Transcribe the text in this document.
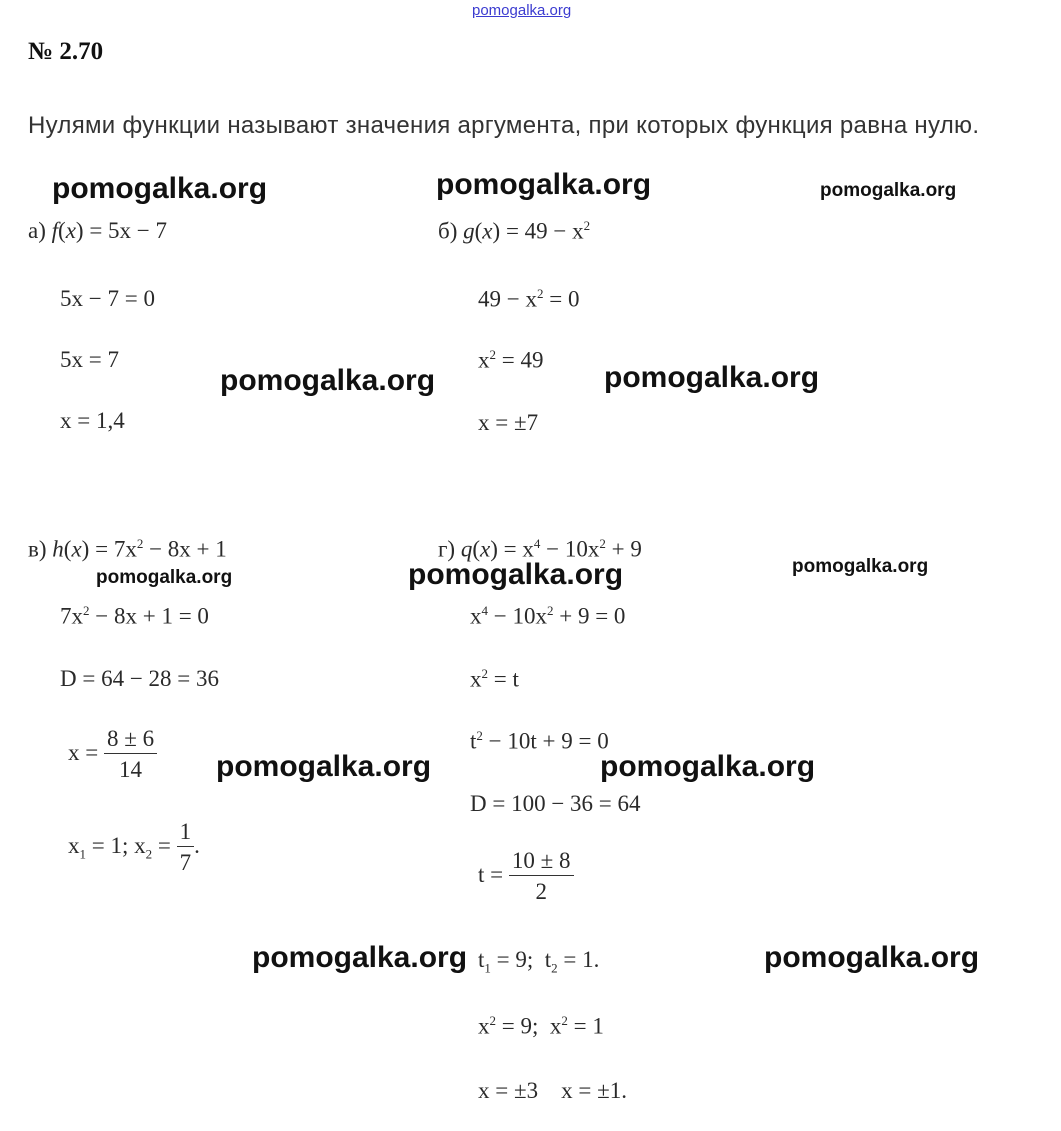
pomogalka.org
№ 2.70
Нулями функции называют значения аргумента, при которых функция равна нулю.
а) f(x) = 5x − 7
5x − 7 = 0
5x = 7
x = 1,4
б) $g(x) = 49 - x^2$
$49 - x^2 = 0$
$x^2 = 49$
x = ±7
в) $h(x) = 7x^2 - 8x + 1$
$7x^2 - 8x + 1 = 0$
D = 64 − 28 = 36
$x = \frac{8 \pm 6}{14}$
$x_1 = 1$; $x_2 = \frac{1}{7}$ .
г) $q(x) = x^4 - 10x^2 + 9$
$x^4 - 10x^2 + 9 = 0$
$x^2 = t$
$t^2 - 10t + 9 = 0$
D = 100 − 36 = 64
$t = \frac{10 \pm 8}{2}$
$t_1 = 9$; $t_2 = 1$.
$x^2 = 9$; $x^2 = 1$
x = ±3 x = ±1.
pomogalka.org	pomogalka.org	pomogalka.org
pomogalka.org	pomogalka.org
pomogalka.org	pomogalka.org	pomogalka.org
pomogalka.org	pomogalka.org
pomogalka.org	pomogalka.org
